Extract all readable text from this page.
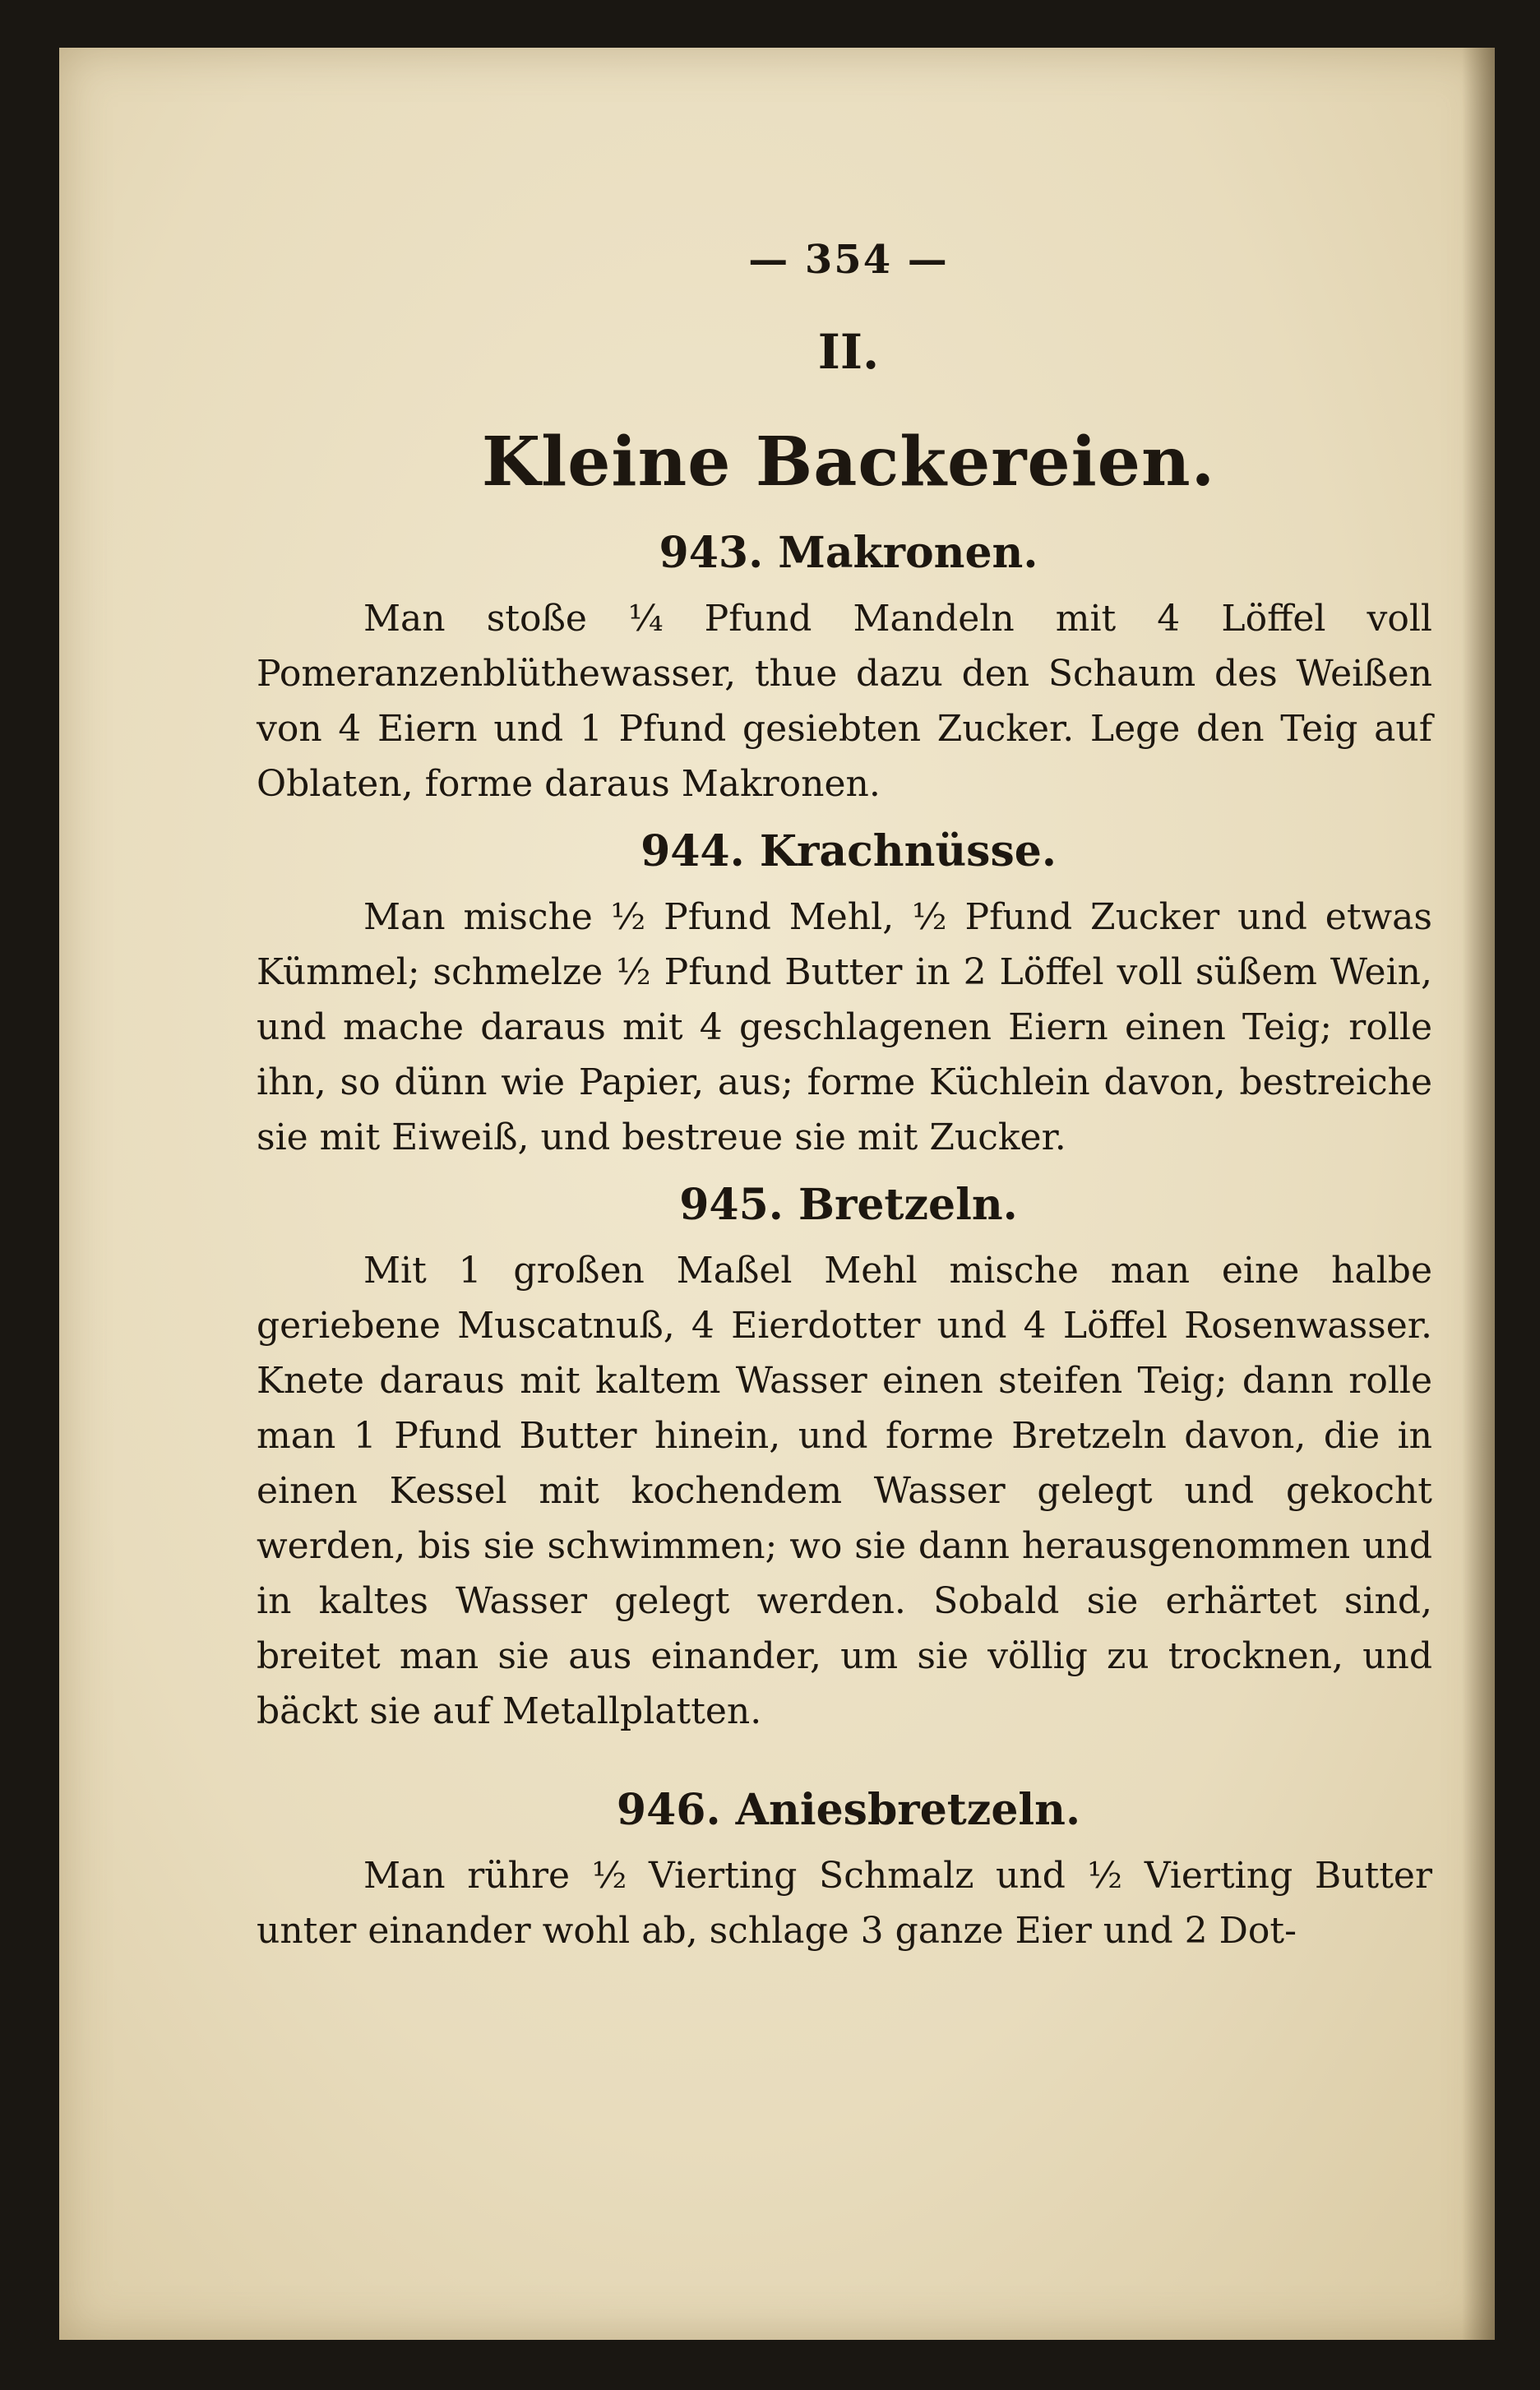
— 354 —
II.
Kleine Backereien.
943. Makronen.

Man stoße ¼ Pfund Mandeln mit 4 Löffel voll Pomeranzenblüthewasser, thue dazu den Schaum des Weißen von 4 Eiern und 1 Pfund gesiebten Zucker. Lege den Teig auf Oblaten, forme daraus Makronen.

944. Krachnüsse.

Man mische ½ Pfund Mehl, ½ Pfund Zucker und etwas Kümmel; schmelze ½ Pfund Butter in 2 Löffel voll süßem Wein, und mache daraus mit 4 geschlagenen Eiern einen Teig; rolle ihn, so dünn wie Papier, aus; forme Küchlein davon, bestreiche sie mit Eiweiß, und bestreue sie mit Zucker.

945. Bretzeln.

Mit 1 großen Maßel Mehl mische man eine halbe geriebene Muscatnuß, 4 Eierdotter und 4 Löffel Rosenwasser. Knete daraus mit kaltem Wasser einen steifen Teig; dann rolle man 1 Pfund Butter hinein, und forme Bretzeln davon, die in einen Kessel mit kochendem Wasser gelegt und gekocht werden, bis sie schwimmen; wo sie dann herausgenommen und in kaltes Wasser gelegt werden. Sobald sie erhärtet sind, breitet man sie aus einander, um sie völlig zu trocknen, und bäckt sie auf Metallplatten.

946. Aniesbretzeln.

Man rühre ½ Vierting Schmalz und ½ Vierting Butter unter einander wohl ab, schlage 3 ganze Eier und 2 Dot-
